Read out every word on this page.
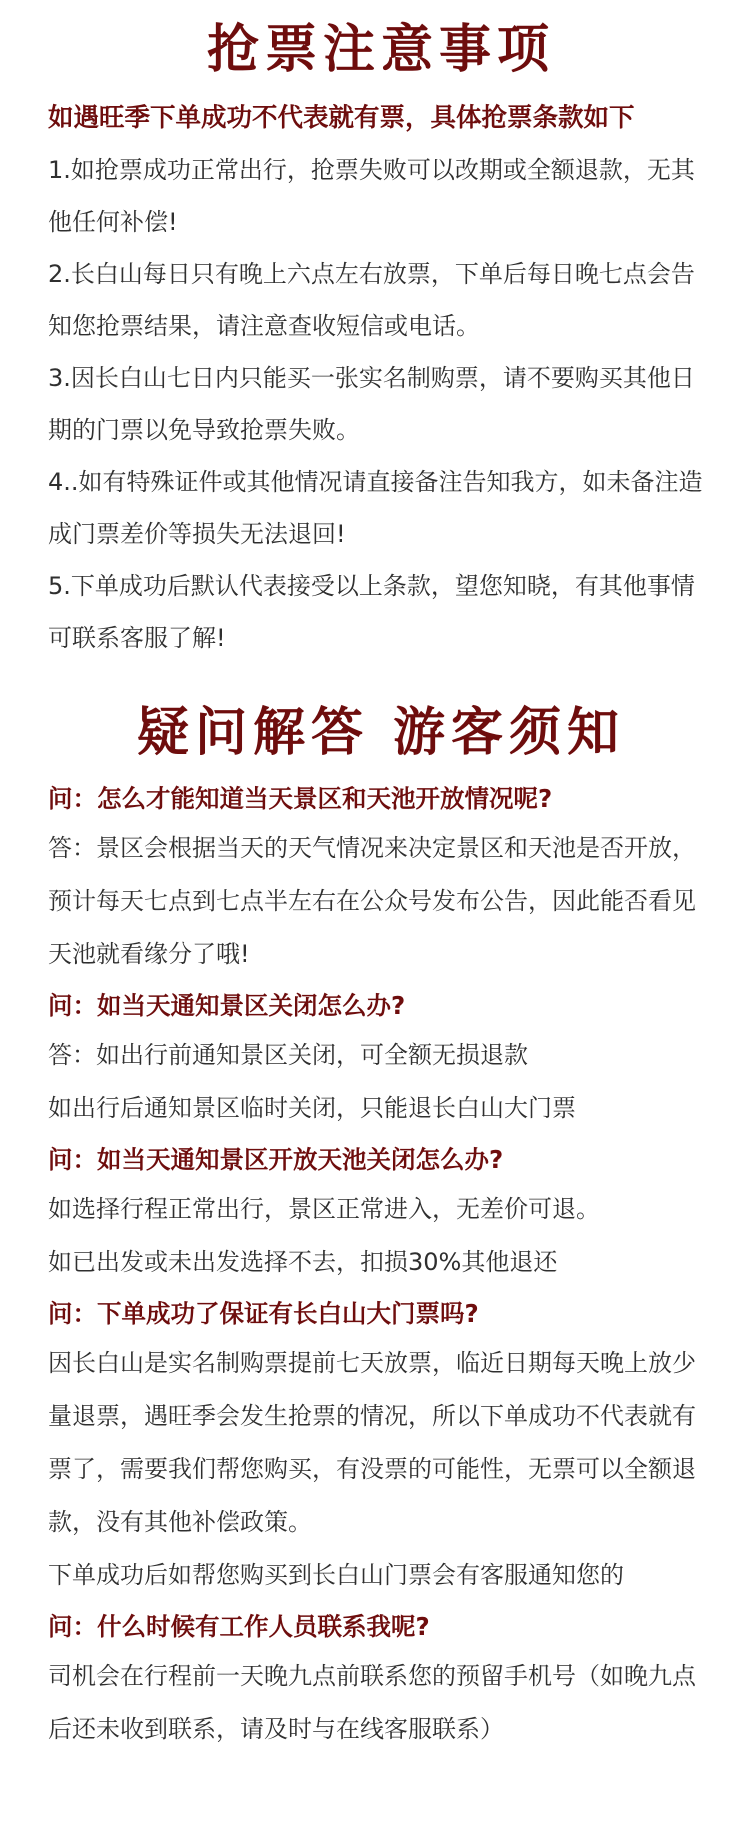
抢票注意事项
如遇旺季下单成功不代表就有票，具体抢票条款如下

1.如抢票成功正常出行，抢票失败可以改期或全额退款，无其他任何补偿!

2.长白山每日只有晚上六点左右放票，下单后每日晚七点会告知您抢票结果，请注意查收短信或电话。

3.因长白山七日内只能买一张实名制购票，请不要购买其他日期的门票以免导致抢票失败。

4..如有特殊证件或其他情况请直接备注告知我方，如未备注造成门票差价等损失无法退回!

5.下单成功后默认代表接受以上条款，望您知晓，有其他事情可联系客服了解!

疑问解答 游客须知
问：怎么才能知道当天景区和天池开放情况呢?

答：景区会根据当天的天气情况来决定景区和天池是否开放，预计每天七点到七点半左右在公众号发布公告，因此能否看见天池就看缘分了哦!

问：如当天通知景区关闭怎么办?

答：如出行前通知景区关闭，可全额无损退款

如出行后通知景区临时关闭，只能退长白山大门票

问：如当天通知景区开放天池关闭怎么办?

如选择行程正常出行，景区正常进入，无差价可退。

如已出发或未出发选择不去，扣损30%其他退还

问：下单成功了保证有长白山大门票吗?

因长白山是实名制购票提前七天放票，临近日期每天晚上放少量退票，遇旺季会发生抢票的情况，所以下单成功不代表就有票了，需要我们帮您购买，有没票的可能性，无票可以全额退款，没有其他补偿政策。

下单成功后如帮您购买到长白山门票会有客服通知您的

问：什么时候有工作人员联系我呢?

司机会在行程前一天晚九点前联系您的预留手机号（如晚九点后还未收到联系，请及时与在线客服联系）
